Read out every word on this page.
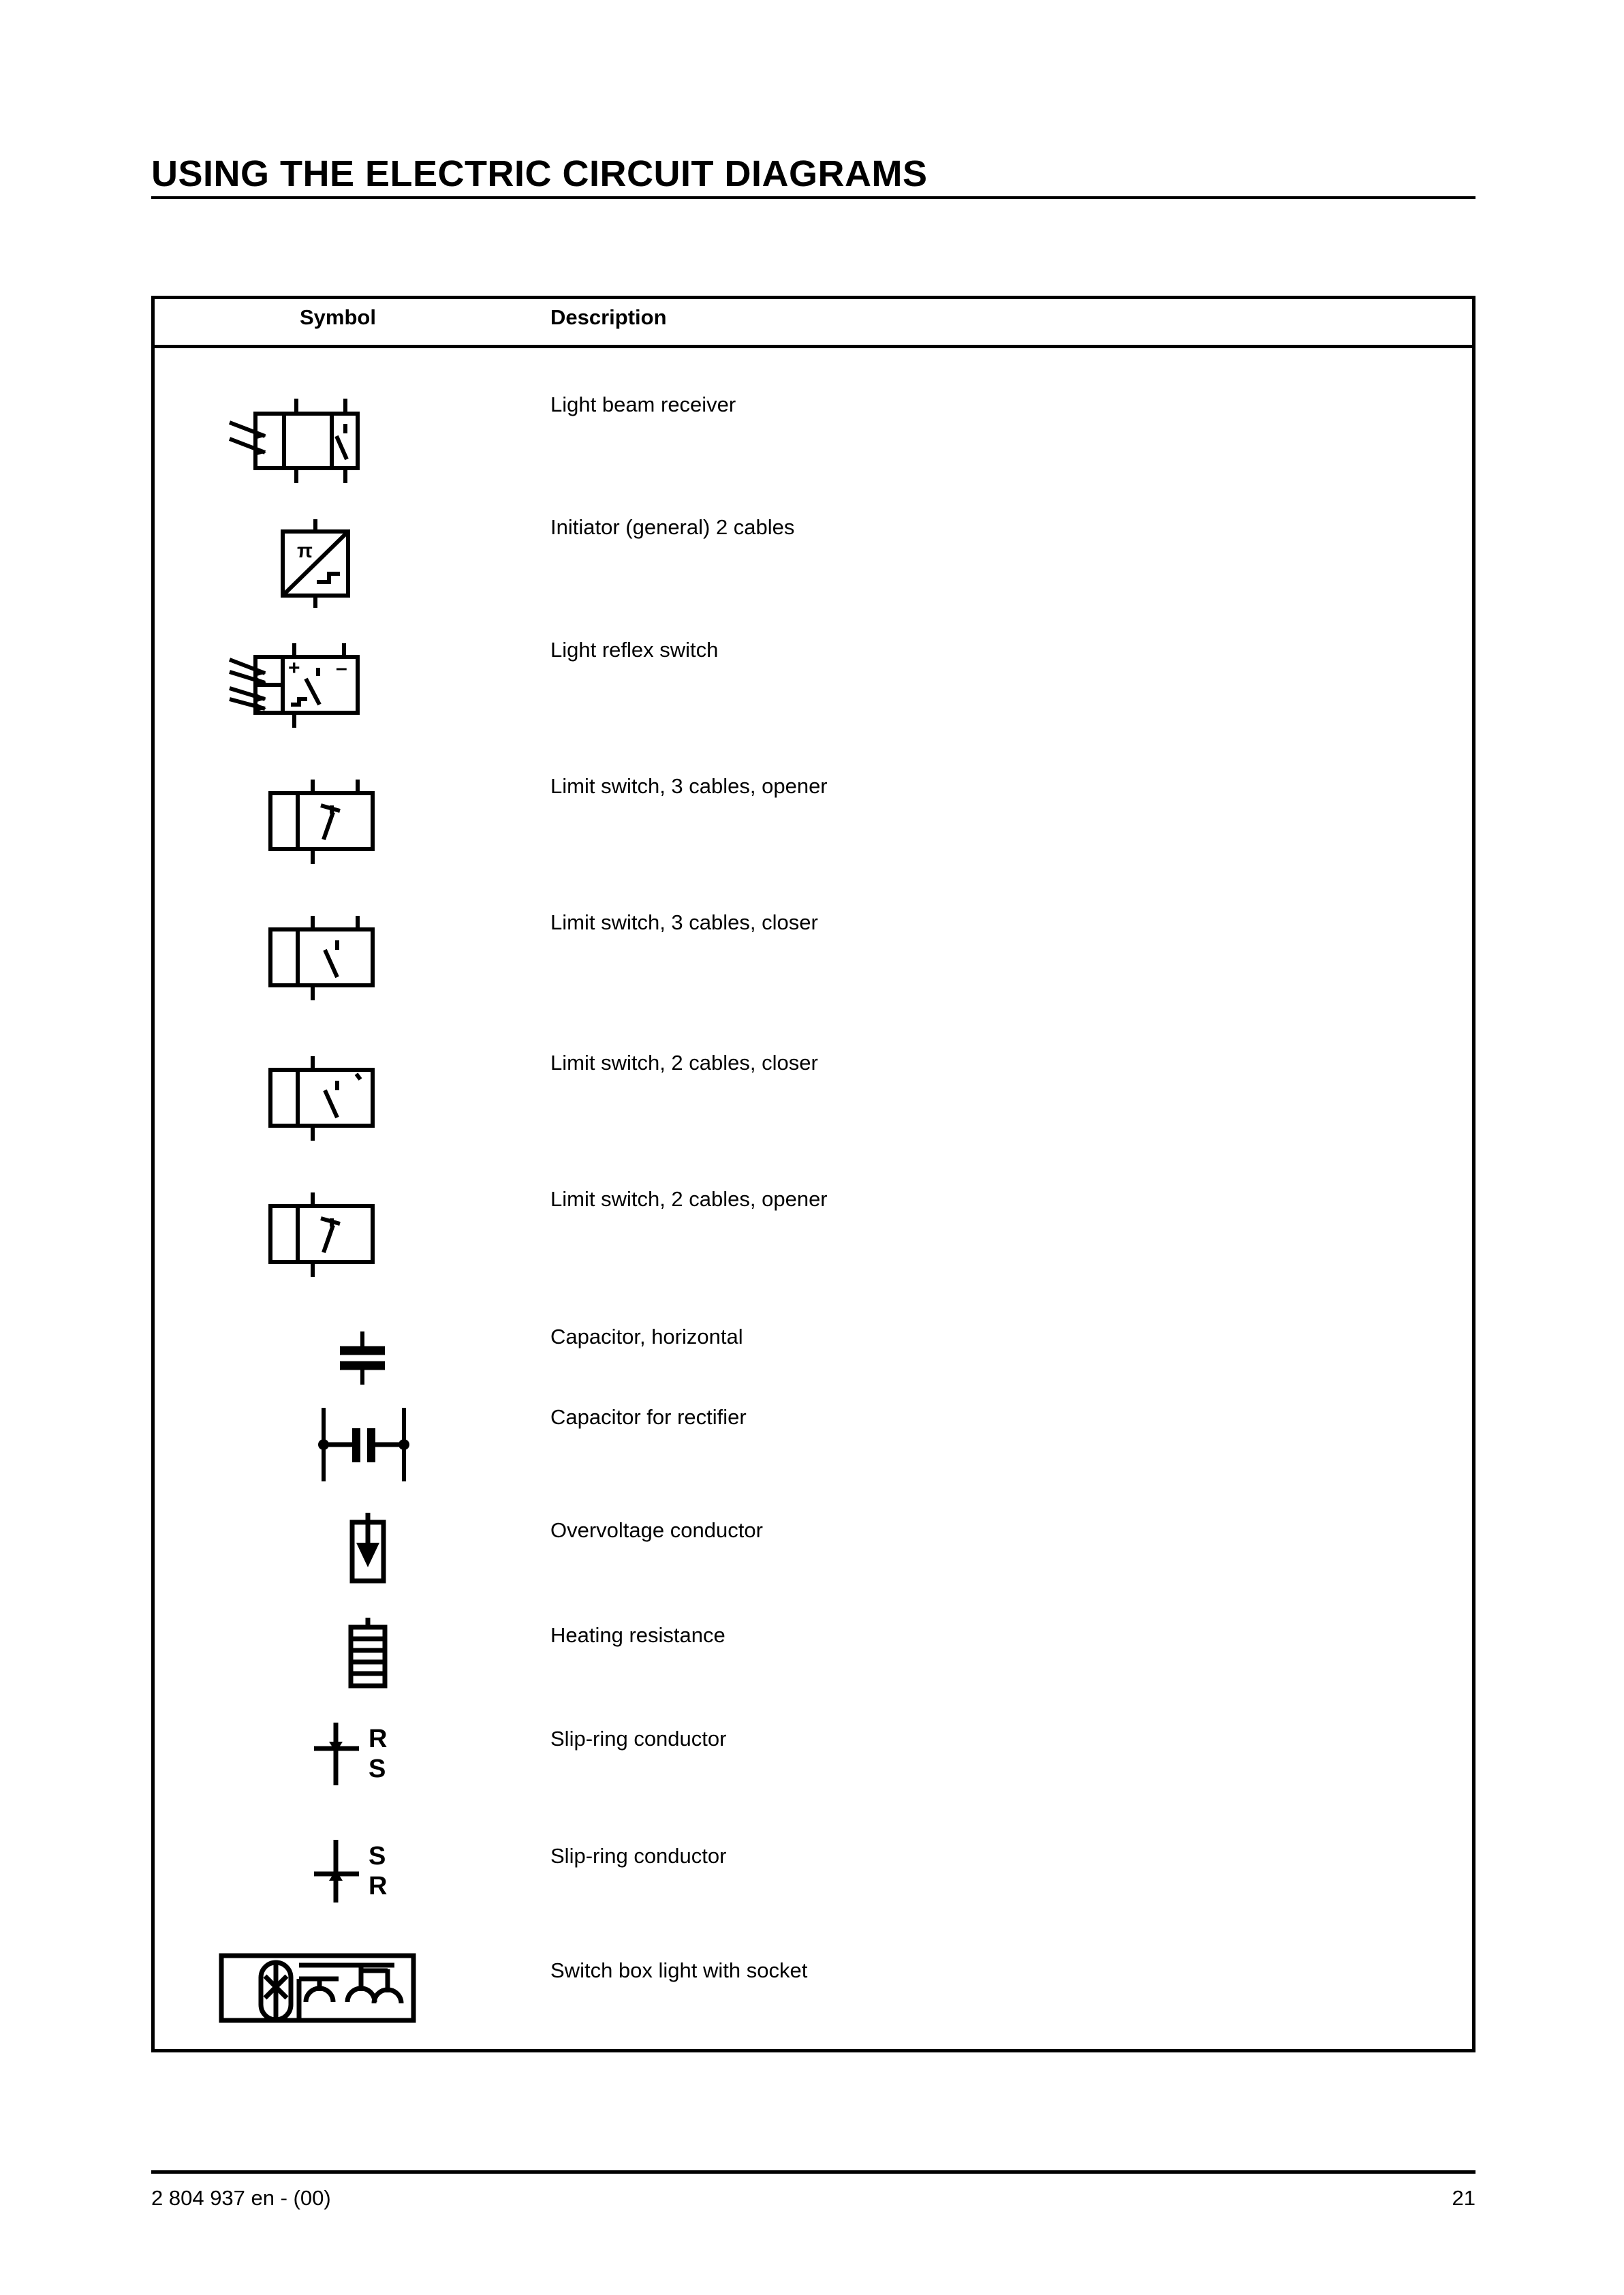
USING THE ELECTRIC CIRCUIT DIAGRAMS
Symbol	Description
Light beam receiver
π
Initiator (general) 2 cables
+ –
Light reflex switch
Limit switch, 3 cables, opener
Limit switch, 3 cables, closer
Limit switch, 2 cables, closer
Limit switch, 2 cables, opener
Capacitor, horizontal
Capacitor for rectifier
Overvoltage conductor
Heating resistance
R
S
Slip-ring conductor
S
R
Slip-ring conductor
Switch box light with socket
2 804 937 en - (00)	21
